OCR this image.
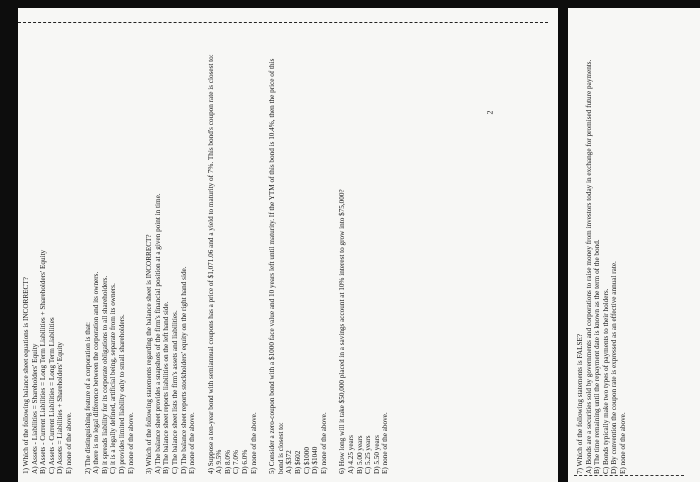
1) Which of the following balance sheet equations is INCORRECT? A) Assets - Liabilities = Shareholders' Equity B) Assets - Current Liabilities = Long Term Liabilities + Shareholders' Equity C) Assets - Current Liabilities = Long Term Liabilities D) Assets = Liabilities + Shareholders' Equity E) none of the above. 2) The distinguishing feature of a corporation is that: A) there is no legal difference between the corporation and its owners. B) it spreads liability for its corporate obligations to all shareholders. C) it is a legally defined, artificial being, separate from its owners. D) provides limited liability only to small shareholders. E) none of the above. 3) Which of the following statements regarding the balance sheet is INCORRECT? A) The balance sheet provides a snapshots of the firm's financial position at a given point in time. B) The balance sheet reports liabilities on the left hand side. C) The balance sheet lists the firm's assets and liabilities. D) The balance sheet reports stockholders' equity on the right hand side. E) none of the above. 4) Suppose a ten-year bond with semiannual coupons has a price of $1,071.06 and a yield to maturity of 7%. This bond's coupon rate is closest to: A) 9.5% B) 8.0% C) 7.0% D) 6.0% E) none of the above. 5) Consider a zero-coupon bond with a $1000 face value and 10 years left until maturity. If the YTM of this bond is 10.4%, then the price of this bond is closest to: A) $372 B) $602 C) $1000 D) $1040 E) none of the above. 6) How long will it take $50,000 placed in a savings account at 10% interest to grow into $75,000? A) 4.25 years B) 5.00 years C) 5.25 years D) 5.50 years E) none of the above.
2
7) Which of the following statements is FALSE? A) Bonds are a securities sold by governments and corporations to raise money from investors today in exchange for promised future payments. B) The time remaining until the repayment date is known as the term of the bond. C) Bonds typically make two types of payments to their holders. D) By convention the coupon rate is expressed as an effective annual rate. E) none of the above.
